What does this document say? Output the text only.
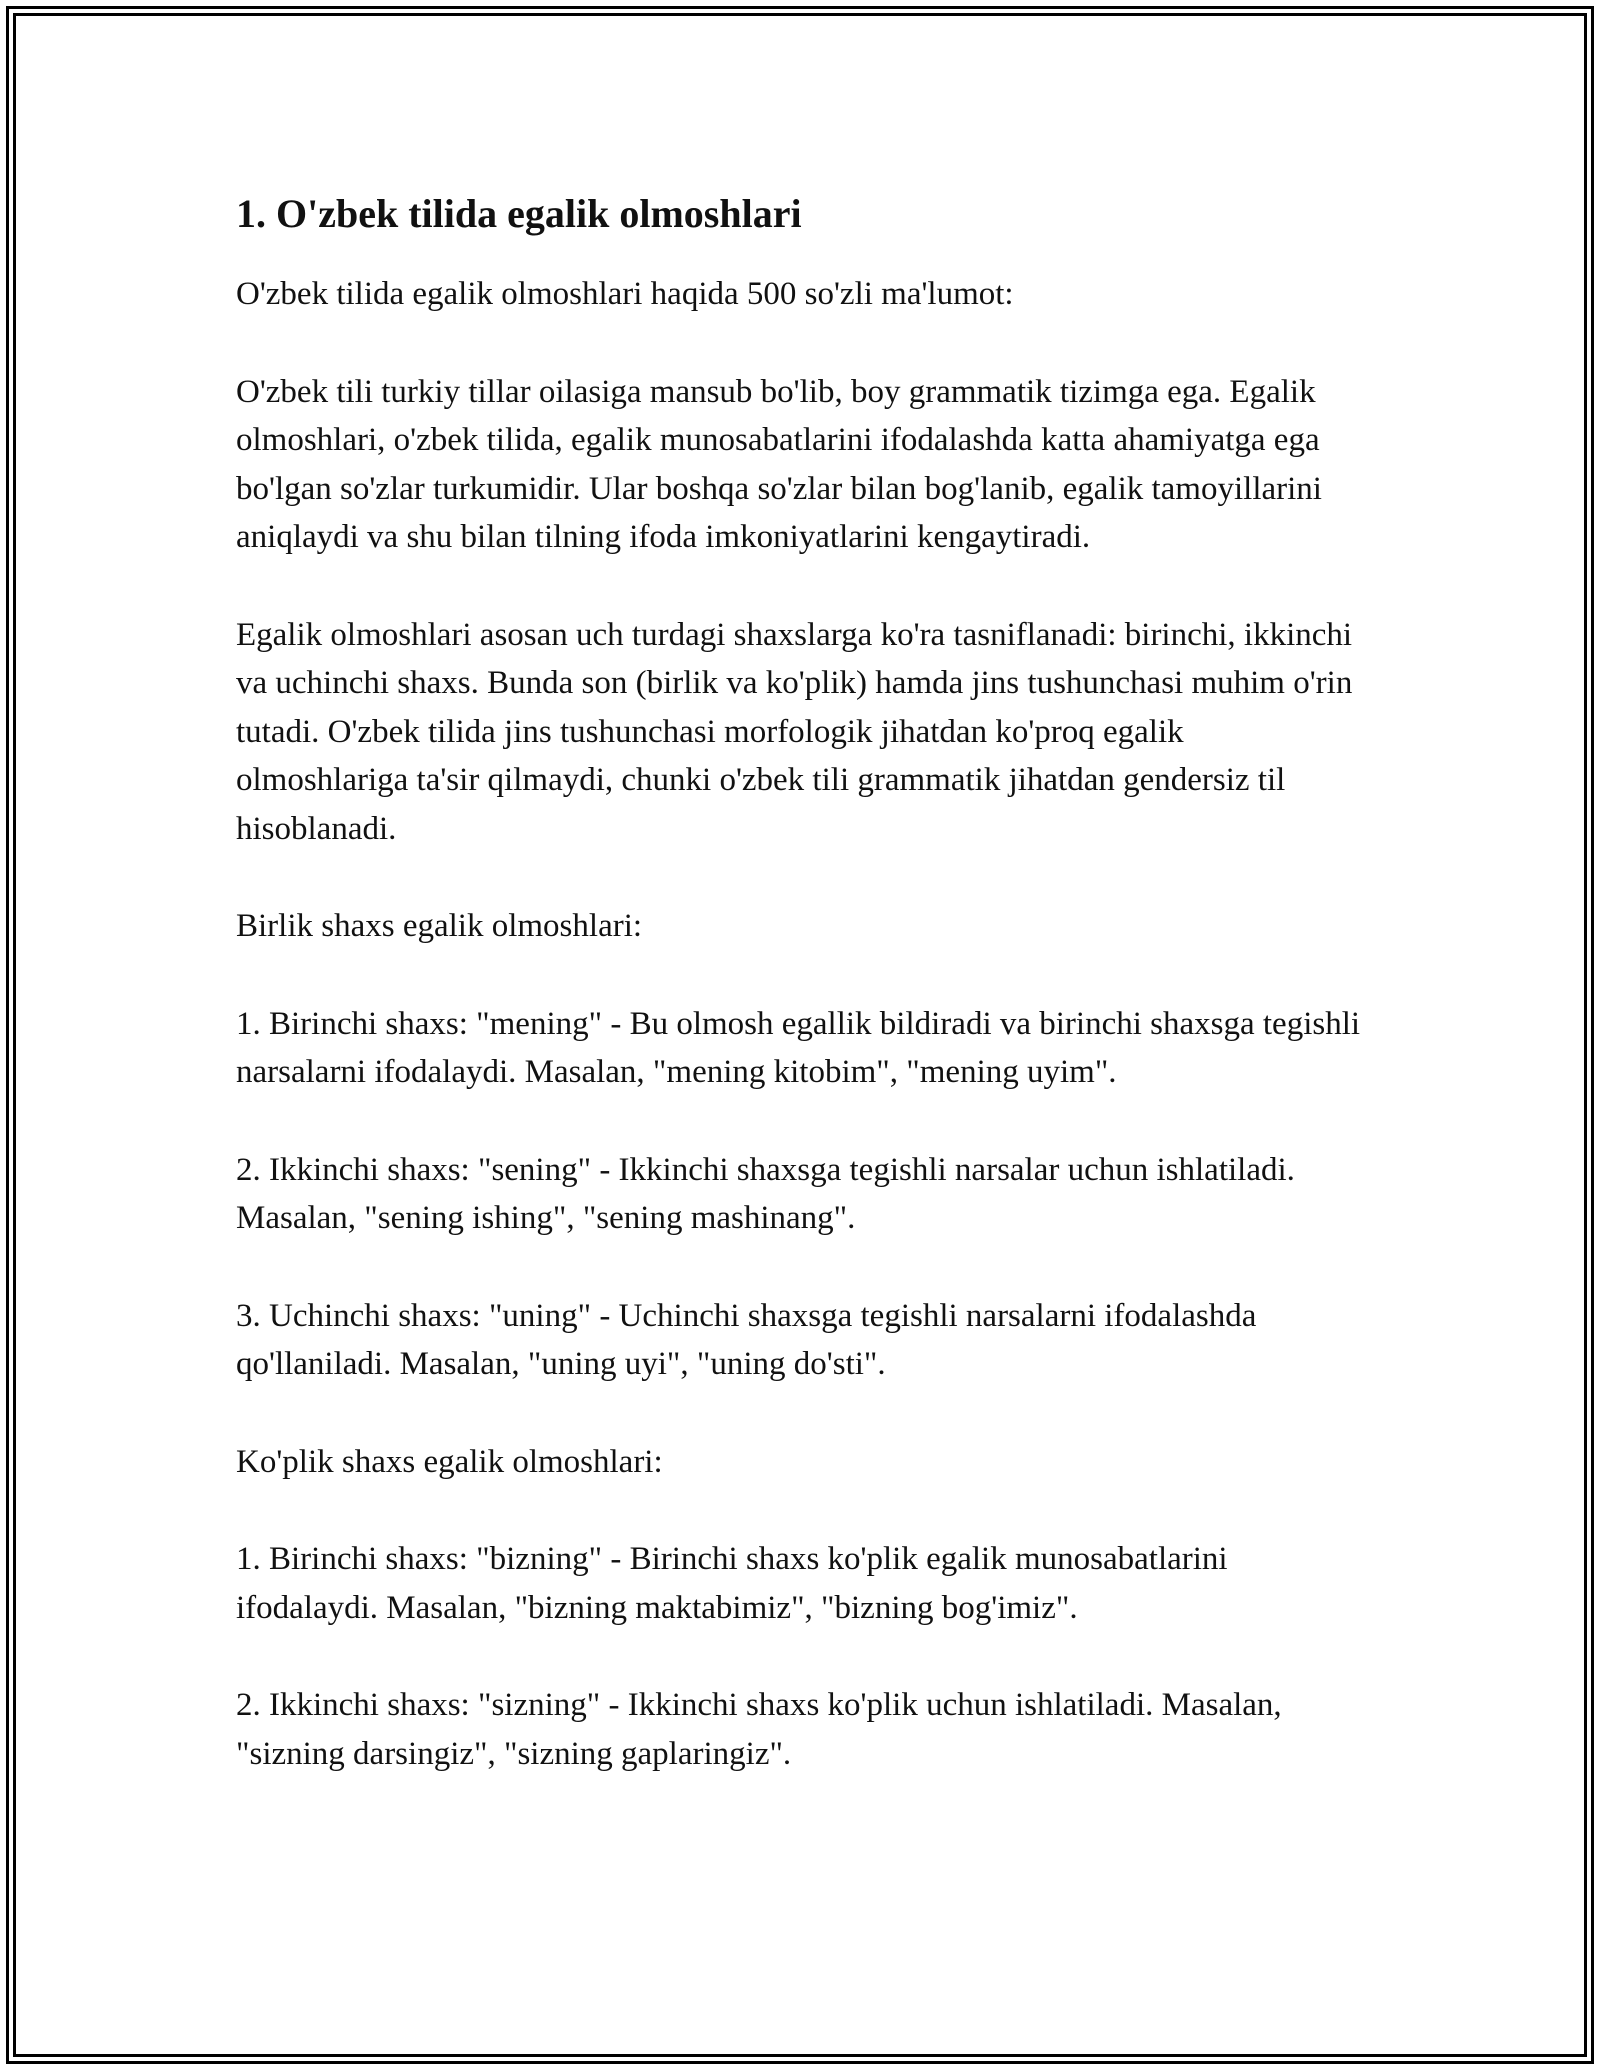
1. O'zbek tilida egalik olmoshlari

O'zbek tilida egalik olmoshlari haqida 500 so'zli ma'lumot:

O'zbek tili turkiy tillar oilasiga mansub bo'lib, boy grammatik tizimga ega. Egalik olmoshlari, o'zbek tilida, egalik munosabatlarini ifodalashda katta ahamiyatga ega bo'lgan so'zlar turkumidir. Ular boshqa so'zlar bilan bog'lanib, egalik tamoyillarini aniqlaydi va shu bilan tilning ifoda imkoniyatlarini kengaytiradi.

Egalik olmoshlari asosan uch turdagi shaxslarga ko'ra tasniflanadi: birinchi, ikkinchi va uchinchi shaxs. Bunda son (birlik va ko'plik) hamda jins tushunchasi muhim o'rin tutadi. O'zbek tilida jins tushunchasi morfologik jihatdan ko'proq egalik olmoshlariga ta'sir qilmaydi, chunki o'zbek tili grammatik jihatdan gendersiz til hisoblanadi.

Birlik shaxs egalik olmoshlari:

1. Birinchi shaxs: "mening" - Bu olmosh egallik bildiradi va birinchi shaxsga tegishli narsalarni ifodalaydi. Masalan, "mening kitobim", "mening uyim".

2. Ikkinchi shaxs: "sening" - Ikkinchi shaxsga tegishli narsalar uchun ishlatiladi. Masalan, "sening ishing", "sening mashinang".

3. Uchinchi shaxs: "uning" - Uchinchi shaxsga tegishli narsalarni ifodalashda qo'llaniladi. Masalan, "uning uyi", "uning do'sti".

Ko'plik shaxs egalik olmoshlari:

1. Birinchi shaxs: "bizning" - Birinchi shaxs ko'plik egalik munosabatlarini ifodalaydi. Masalan, "bizning maktabimiz", "bizning bog'imiz".

2. Ikkinchi shaxs: "sizning" - Ikkinchi shaxs ko'plik uchun ishlatiladi. Masalan, "sizning darsingiz", "sizning gaplaringiz".
